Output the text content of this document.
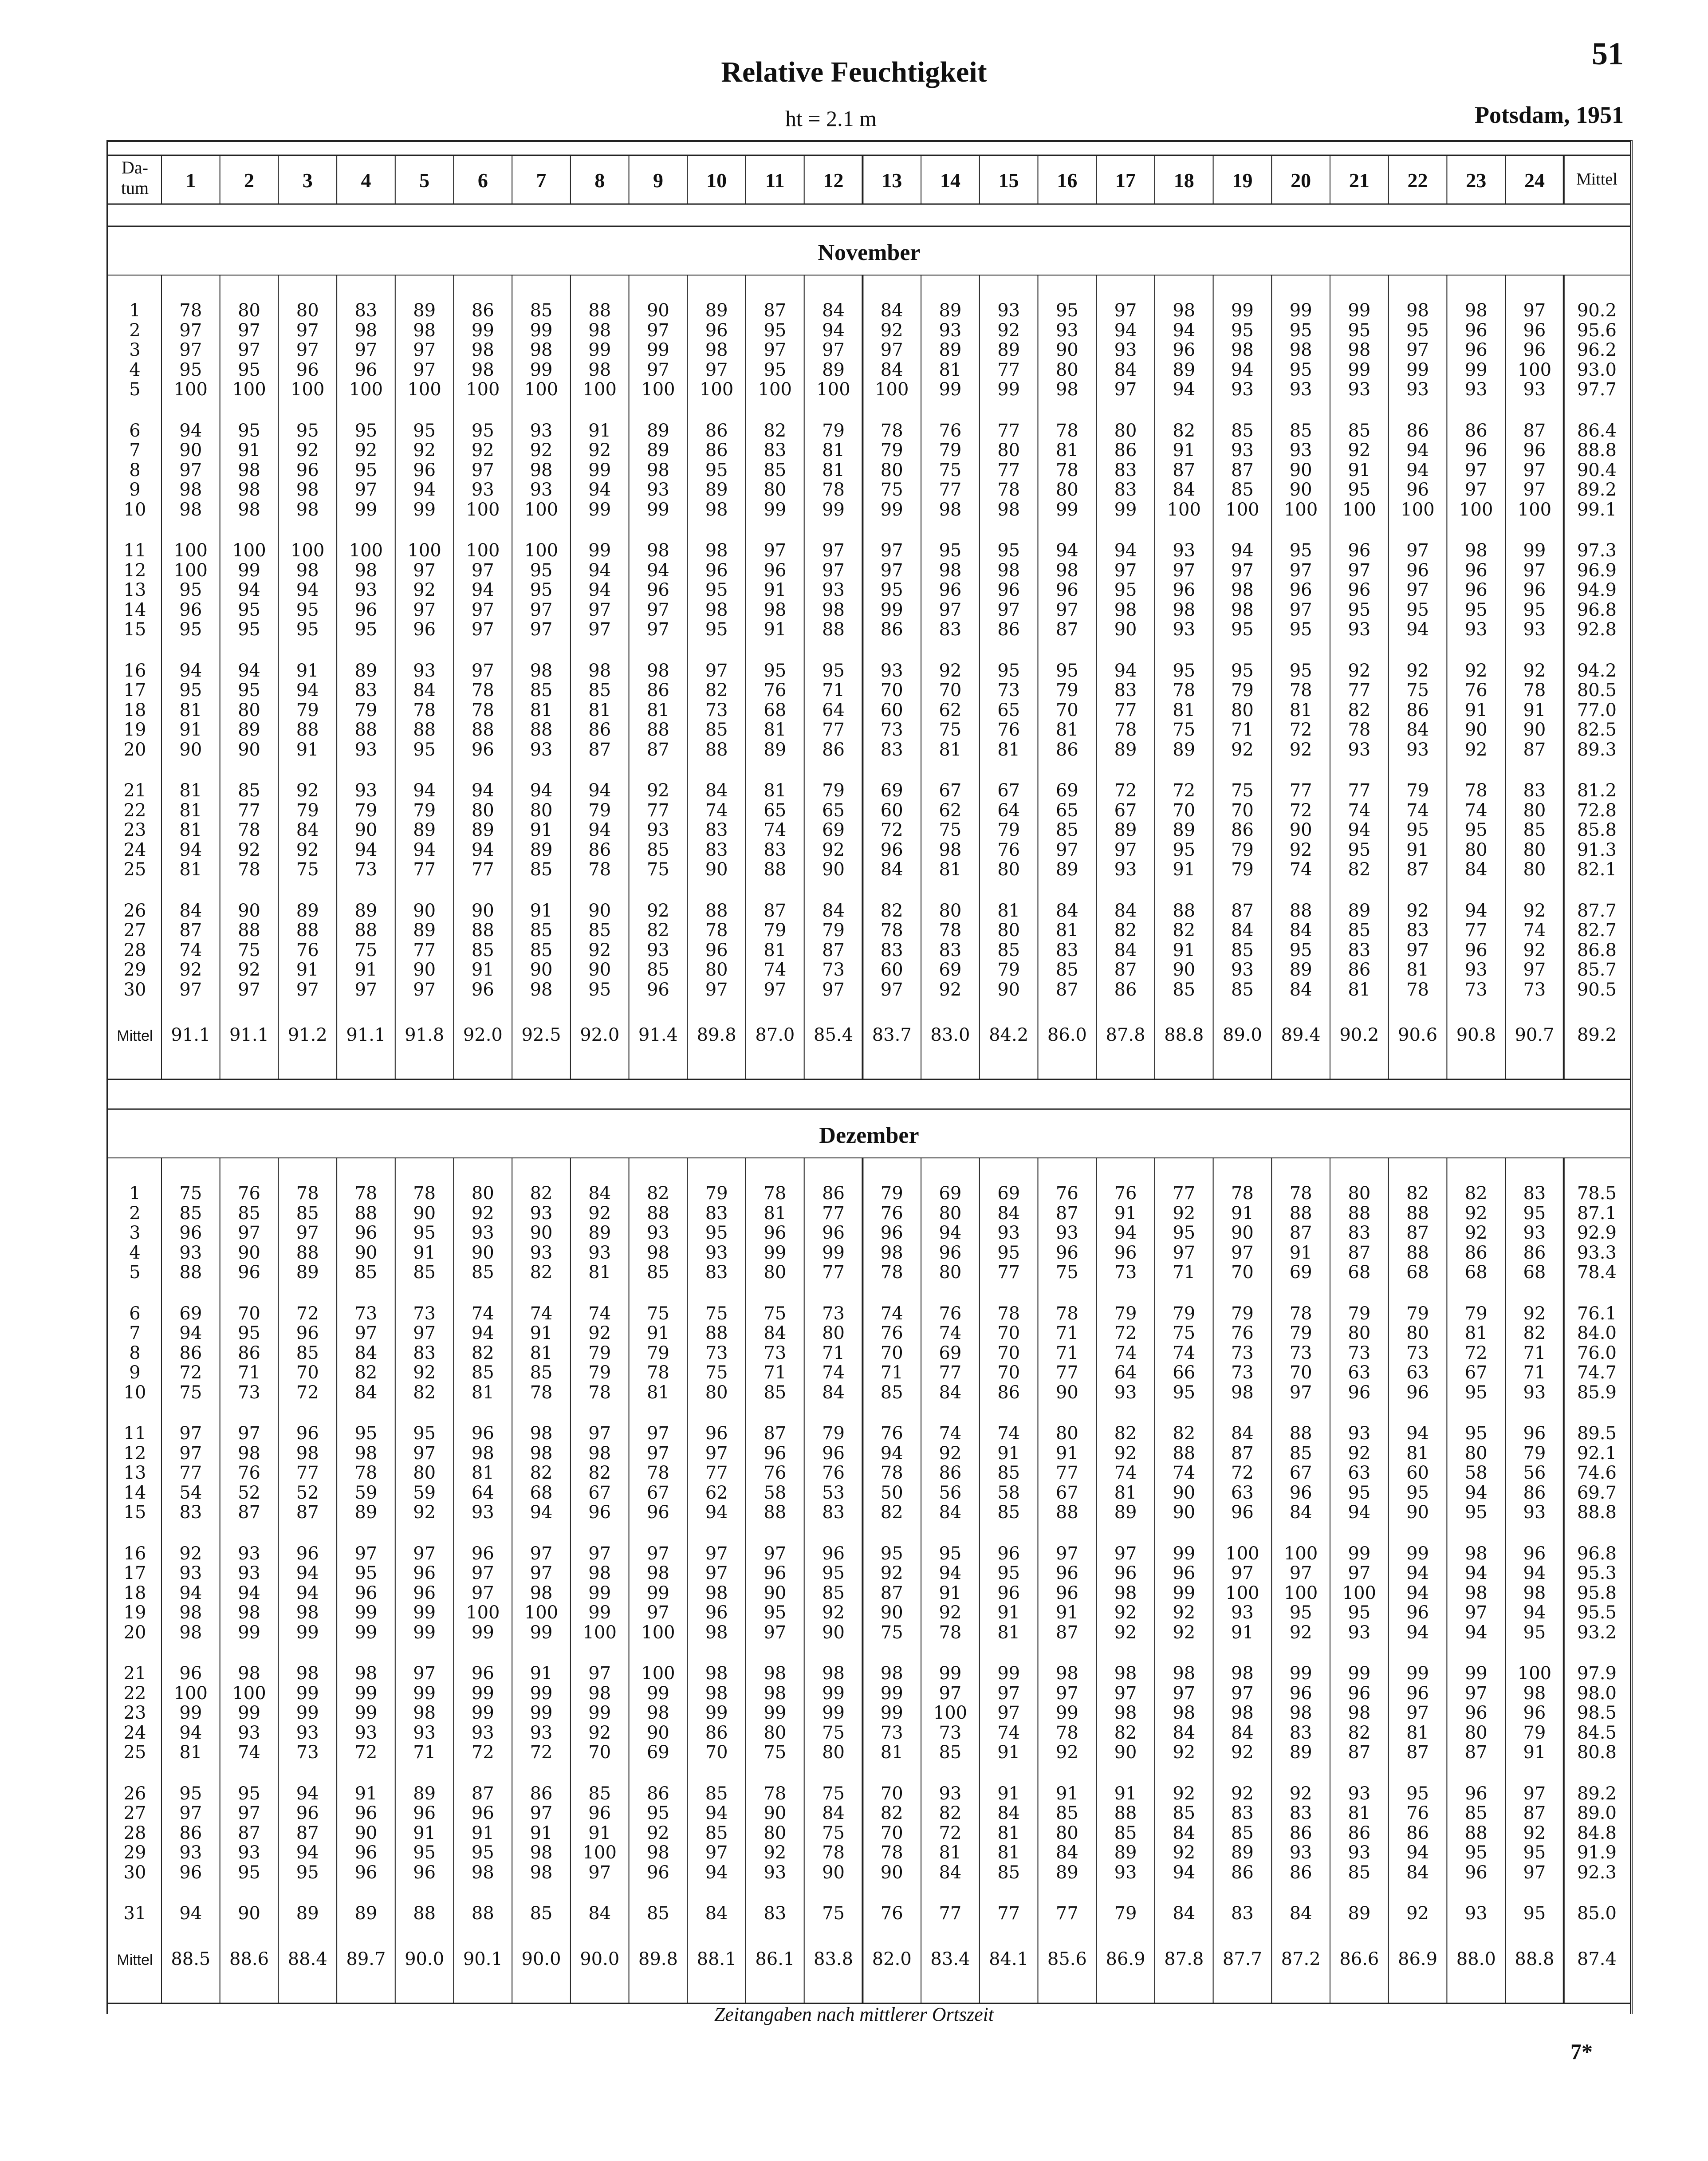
51
Relative Feuchtigkeit
ht = 2.1 m	Potsdam, 1951
Da-
tum	1	2	3	4	5	6	7	8	9	10	11	12	13	14	15	16	17	18	19	20	21	22	23	24	Mittel
November
1	78	80	80	83	89	86	85	88	90	89	87	84	84	89	93	95	97	98	99	99	99	98	98	97	90.2
2	97	97	97	98	98	99	99	98	97	96	95	94	92	93	92	93	94	94	95	95	95	95	96	96	95.6
3	97	97	97	97	97	98	98	99	99	98	97	97	97	89	89	90	93	96	98	98	98	97	96	96	96.2
4	95	95	96	96	97	98	99	98	97	97	95	89	84	81	77	80	84	89	94	95	99	99	99	100	93.0
5	100	100	100	100	100	100	100	100	100	100	100	100	100	99	99	98	97	94	93	93	93	93	93	93	97.7
6	94	95	95	95	95	95	93	91	89	86	82	79	78	76	77	78	80	82	85	85	85	86	86	87	86.4
7	90	91	92	92	92	92	92	92	89	86	83	81	79	79	80	81	86	91	93	93	92	94	96	96	88.8
8	97	98	96	95	96	97	98	99	98	95	85	81	80	75	77	78	83	87	87	90	91	94	97	97	90.4
9	98	98	98	97	94	93	93	94	93	89	80	78	75	77	78	80	83	84	85	90	95	96	97	97	89.2
10	98	98	98	99	99	100	100	99	99	98	99	99	99	98	98	99	99	100	100	100	100	100	100	100	99.1
11	100	100	100	100	100	100	100	99	98	98	97	97	97	95	95	94	94	93	94	95	96	97	98	99	97.3
12	100	99	98	98	97	97	95	94	94	96	96	97	97	98	98	98	97	97	97	97	97	96	96	97	96.9
13	95	94	94	93	92	94	95	94	96	95	91	93	95	96	96	96	95	96	98	96	96	97	96	96	94.9
14	96	95	95	96	97	97	97	97	97	98	98	98	99	97	97	97	98	98	98	97	95	95	95	95	96.8
15	95	95	95	95	96	97	97	97	97	95	91	88	86	83	86	87	90	93	95	95	93	94	93	93	92.8
16	94	94	91	89	93	97	98	98	98	97	95	95	93	92	95	95	94	95	95	95	92	92	92	92	94.2
17	95	95	94	83	84	78	85	85	86	82	76	71	70	70	73	79	83	78	79	78	77	75	76	78	80.5
18	81	80	79	79	78	78	81	81	81	73	68	64	60	62	65	70	77	81	80	81	82	86	91	91	77.0
19	91	89	88	88	88	88	88	86	88	85	81	77	73	75	76	81	78	75	71	72	78	84	90	90	82.5
20	90	90	91	93	95	96	93	87	87	88	89	86	83	81	81	86	89	89	92	92	93	93	92	87	89.3
21	81	85	92	93	94	94	94	94	92	84	81	79	69	67	67	69	72	72	75	77	77	79	78	83	81.2
22	81	77	79	79	79	80	80	79	77	74	65	65	60	62	64	65	67	70	70	72	74	74	74	80	72.8
23	81	78	84	90	89	89	91	94	93	83	74	69	72	75	79	85	89	89	86	90	94	95	95	85	85.8
24	94	92	92	94	94	94	89	86	85	83	83	92	96	98	76	97	97	95	79	92	95	91	80	80	91.3
25	81	78	75	73	77	77	85	78	75	90	88	90	84	81	80	89	93	91	79	74	82	87	84	80	82.1
26	84	90	89	89	90	90	91	90	92	88	87	84	82	80	81	84	84	88	87	88	89	92	94	92	87.7
27	87	88	88	88	89	88	85	85	82	78	79	79	78	78	80	81	82	82	84	84	85	83	77	74	82.7
28	74	75	76	75	77	85	85	92	93	96	81	87	83	83	85	83	84	91	85	95	83	97	96	92	86.8
29	92	92	91	91	90	91	90	90	85	80	74	73	60	69	79	85	87	90	93	89	86	81	93	97	85.7
30	97	97	97	97	97	96	98	95	96	97	97	97	97	92	90	87	86	85	85	84	81	78	73	73	90.5
Mittel	91.1	91.1	91.2	91.1	91.8	92.0	92.5	92.0	91.4	89.8	87.0	85.4	83.7	83.0	84.2	86.0	87.8	88.8	89.0	89.4	90.2	90.6	90.8	90.7	89.2
Dezember
1	75	76	78	78	78	80	82	84	82	79	78	86	79	69	69	76	76	77	78	78	80	82	82	83	78.5
2	85	85	85	88	90	92	93	92	88	83	81	77	76	80	84	87	91	92	91	88	88	88	92	95	87.1
3	96	97	97	96	95	93	90	89	93	95	96	96	96	94	93	93	94	95	90	87	83	87	92	93	92.9
4	93	90	88	90	91	90	93	93	98	93	99	99	98	96	95	96	96	97	97	91	87	88	86	86	93.3
5	88	96	89	85	85	85	82	81	85	83	80	77	78	80	77	75	73	71	70	69	68	68	68	68	78.4
6	69	70	72	73	73	74	74	74	75	75	75	73	74	76	78	78	79	79	79	78	79	79	79	92	76.1
7	94	95	96	97	97	94	91	92	91	88	84	80	76	74	70	71	72	75	76	79	80	80	81	82	84.0
8	86	86	85	84	83	82	81	79	79	73	73	71	70	69	70	71	74	74	73	73	73	73	72	71	76.0
9	72	71	70	82	92	85	85	79	78	75	71	74	71	77	70	77	64	66	73	70	63	63	67	71	74.7
10	75	73	72	84	82	81	78	78	81	80	85	84	85	84	86	90	93	95	98	97	96	96	95	93	85.9
11	97	97	96	95	95	96	98	97	97	96	87	79	76	74	74	80	82	82	84	88	93	94	95	96	89.5
12	97	98	98	98	97	98	98	98	97	97	96	96	94	92	91	91	92	88	87	85	92	81	80	79	92.1
13	77	76	77	78	80	81	82	82	78	77	76	76	78	86	85	77	74	74	72	67	63	60	58	56	74.6
14	54	52	52	59	59	64	68	67	67	62	58	53	50	56	58	67	81	90	63	96	95	95	94	86	69.7
15	83	87	87	89	92	93	94	96	96	94	88	83	82	84	85	88	89	90	96	84	94	90	95	93	88.8
16	92	93	96	97	97	96	97	97	97	97	97	96	95	95	96	97	97	99	100	100	99	99	98	96	96.8
17	93	93	94	95	96	97	97	98	98	97	96	95	92	94	95	96	96	96	97	97	97	94	94	94	95.3
18	94	94	94	96	96	97	98	99	99	98	90	85	87	91	96	96	98	99	100	100	100	94	98	98	95.8
19	98	98	98	99	99	100	100	99	97	96	95	92	90	92	91	91	92	92	93	95	95	96	97	94	95.5
20	98	99	99	99	99	99	99	100	100	98	97	90	75	78	81	87	92	92	91	92	93	94	94	95	93.2
21	96	98	98	98	97	96	91	97	100	98	98	98	98	99	99	98	98	98	98	99	99	99	99	100	97.9
22	100	100	99	99	99	99	99	98	99	98	98	99	99	97	97	97	97	97	97	96	96	96	97	98	98.0
23	99	99	99	99	98	99	99	99	98	99	99	99	99	100	97	99	98	98	98	98	98	97	96	96	98.5
24	94	93	93	93	93	93	93	92	90	86	80	75	73	73	74	78	82	84	84	83	82	81	80	79	84.5
25	81	74	73	72	71	72	72	70	69	70	75	80	81	85	91	92	90	92	92	89	87	87	87	91	80.8
26	95	95	94	91	89	87	86	85	86	85	78	75	70	93	91	91	91	92	92	92	93	95	96	97	89.2
27	97	97	96	96	96	96	97	96	95	94	90	84	82	82	84	85	88	85	83	83	81	76	85	87	89.0
28	86	87	87	90	91	91	91	91	92	85	80	75	70	72	81	80	85	84	85	86	86	86	88	92	84.8
29	93	93	94	96	95	95	98	100	98	97	92	78	78	81	81	84	89	92	89	93	93	94	95	95	91.9
30	96	95	95	96	96	98	98	97	96	94	93	90	90	84	85	89	93	94	86	86	85	84	96	97	92.3
31	94	90	89	89	88	88	85	84	85	84	83	75	76	77	77	77	79	84	83	84	89	92	93	95	85.0
Mittel	88.5	88.6	88.4	89.7	90.0	90.1	90.0	90.0	89.8	88.1	86.1	83.8	82.0	83.4	84.1	85.6	86.9	87.8	87.7	87.2	86.6	86.9	88.0	88.8	87.4
Zeitangaben nach mittlerer Ortszeit
7*
